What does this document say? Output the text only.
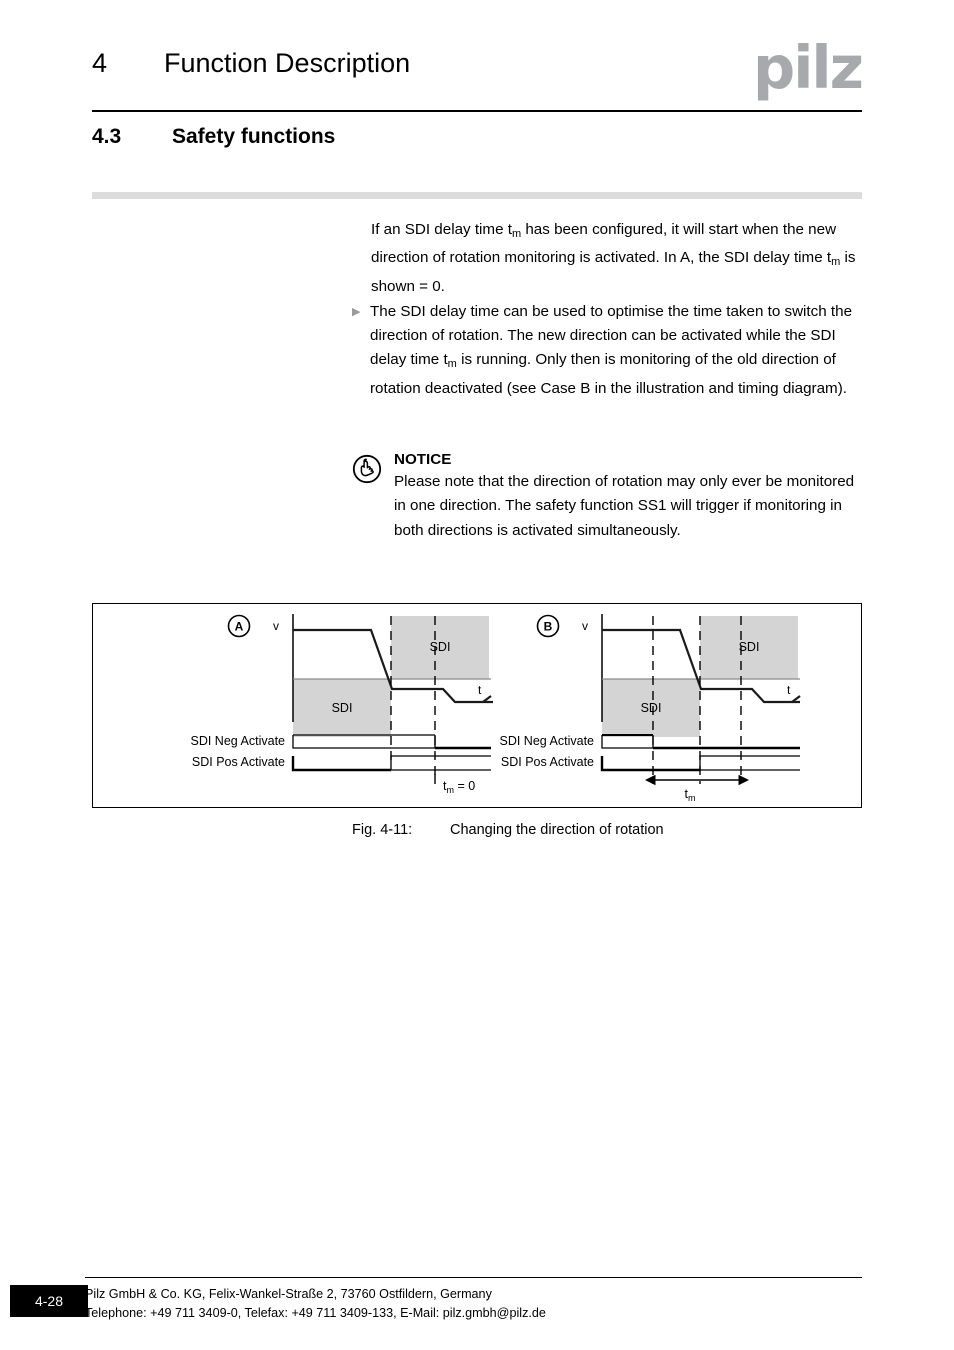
4	Function Description	pilz
4.3	Safety functions

If an SDI delay time $t_m$ has been configured, it will start when the new direction of rotation monitoring is activated. In A, the SDI delay time $t_m$ is shown = 0.

▶ The SDI delay time can be used to optimise the time taken to switch the direction of rotation. The new direction can be activated while the SDI delay time $t_m$ is running. Only then is monitoring of the old direction of rotation deactivated (see Case B in the illustration and timing diagram).
NOTICE
Please note that the direction of rotation may only ever be monitored in one direction. The safety function SS1 will trigger if monitoring in both directions is activated simultaneously.
A v
SDI
SDI
t
SDI Neg Activate
SDI Pos Activate
$t_m = 0$
B v
SDI
SDI
t
SDI Neg Activate
SDI Pos Activate
$t_m$
Fig. 4-11:	Changing the direction of rotation
4-28	Pilz GmbH & Co. KG, Felix-Wankel-Straße 2, 73760 Ostfildern, Germany
Telephone: +49 711 3409-0, Telefax: +49 711 3409-133, E-Mail: pilz.gmbh@pilz.de
